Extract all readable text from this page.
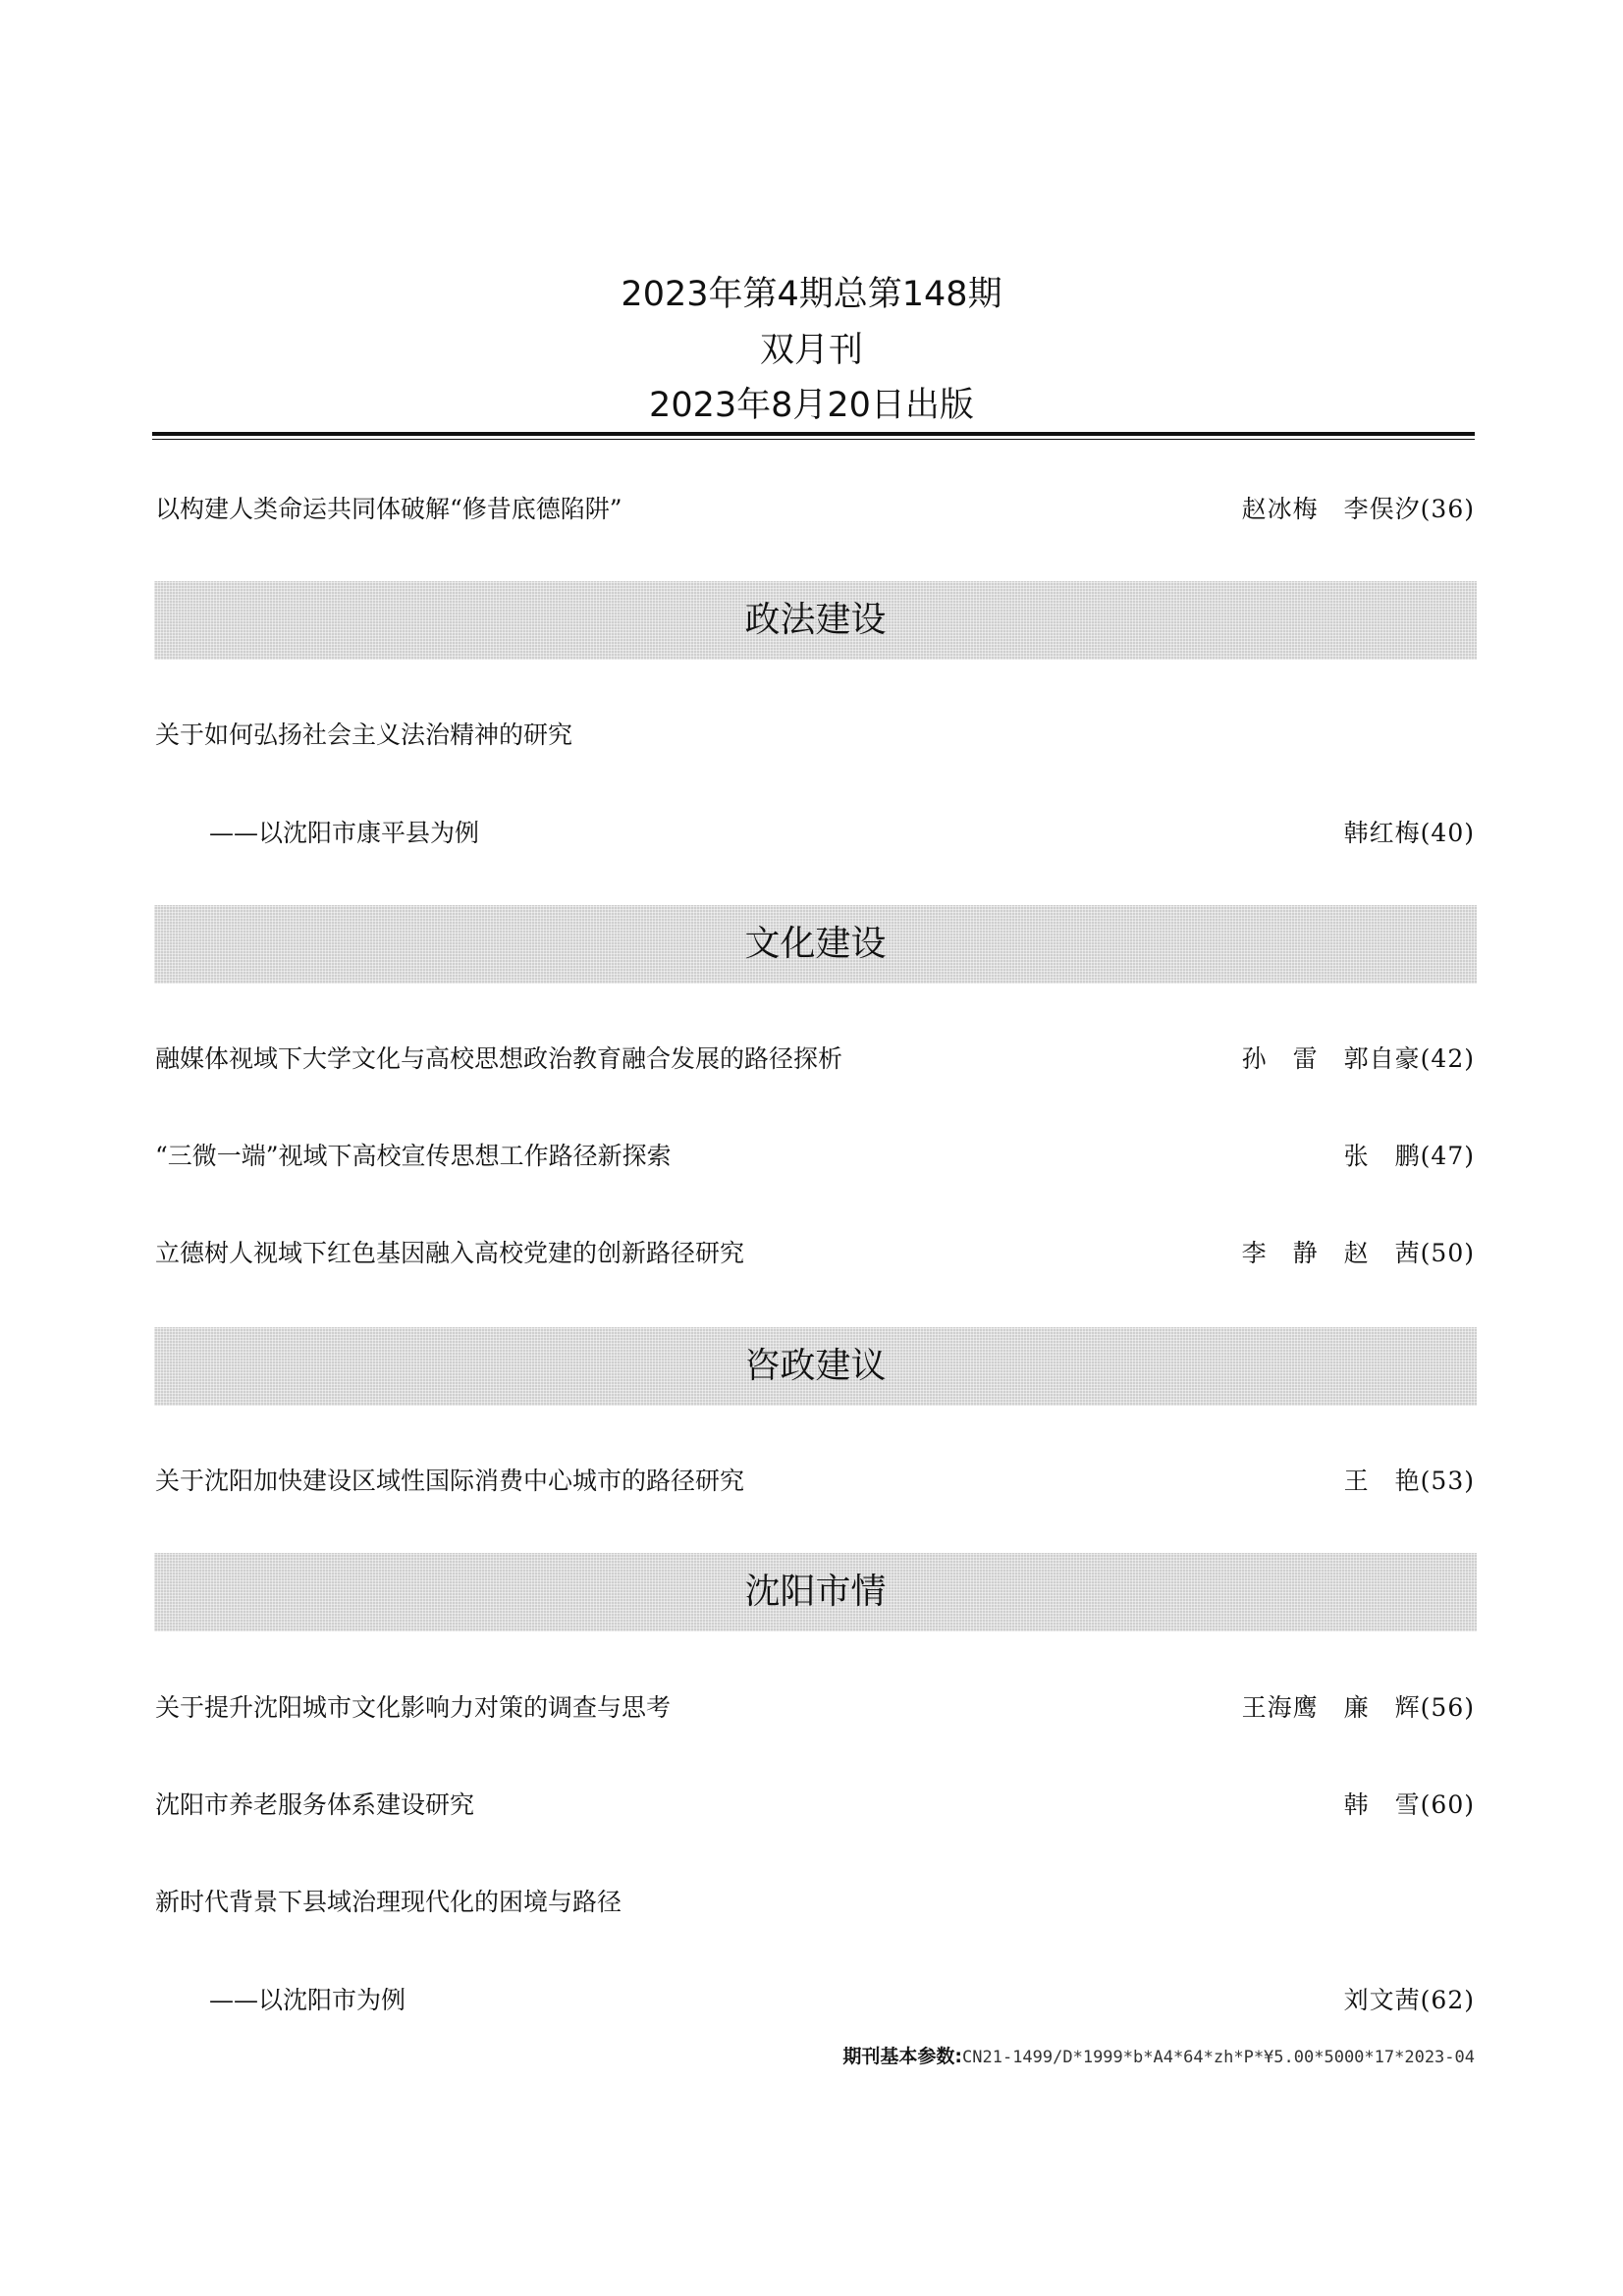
2023年第4期总第148期
双月刊
2023年8月20日出版
以构建人类命运共同体破解“修昔底德陷阱”	赵冰梅　李俣汐(36)
政法建设
关于如何弘扬社会主义法治精神的研究
——以沈阳市康平县为例	韩红梅(40)
文化建设
融媒体视域下大学文化与高校思想政治教育融合发展的路径探析	孙　雷　郭自豪(42)
“三微一端”视域下高校宣传思想工作路径新探索	张　鹏(47)
立德树人视域下红色基因融入高校党建的创新路径研究	李　静　赵　茜(50)
咨政建议
关于沈阳加快建设区域性国际消费中心城市的路径研究	王　艳(53)
沈阳市情
关于提升沈阳城市文化影响力对策的调查与思考	王海鹰　廉　辉(56)
沈阳市养老服务体系建设研究	韩　雪(60)
新时代背景下县域治理现代化的困境与路径
——以沈阳市为例	刘文茜(62)
期刊基本参数:CN21-1499/D*1999*b*A4*64*zh*P*¥5.00*5000*17*2023-04
